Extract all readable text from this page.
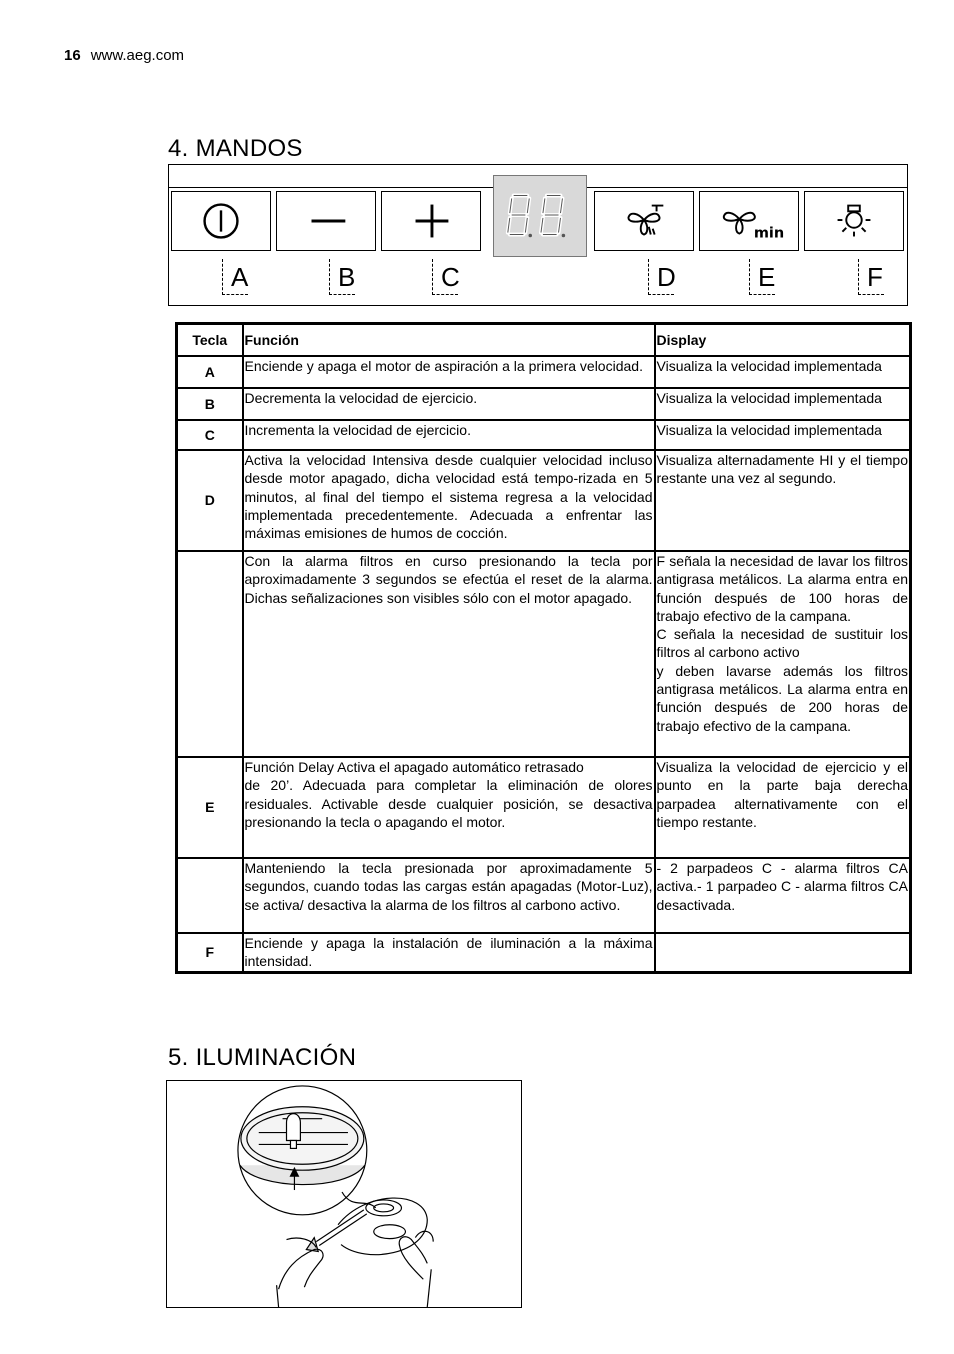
16 www.aeg.com
4. MANDOS
min
A	B	C	D	E	F
Tecla	Función	Display
A	Enciende y apaga el motor de aspiración a la primera velocidad.	Visualiza la velocidad implementada
B	Decrementa la velocidad de ejercicio.	Visualiza la velocidad implementada
C	Incrementa la velocidad de ejercicio.	Visualiza la velocidad implementada
D	Activa la velocidad Intensiva desde cualquier velocidad incluso desde motor apagado, dicha velocidad está tempo-rizada en 5 minutos, al final del tiempo el sistema regresa a la velocidad implementada precedentemente. Adecuada a enfrentar las máximas emisiones de humos de cocción.	Visualiza alternadamente HI y el tiempo restante una vez al segundo.
	Con la alarma filtros en curso presionando la tecla por aproximadamente 3 segundos se efectúa el reset de la alarma. Dichas señalizaciones son visibles sólo con el motor apagado.	F señala la necesidad de lavar los filtros antigrasa metálicos. La alarma entra en función después de 100 horas de trabajo efectivo de la campana.
C señala la necesidad de sustituir los filtros al carbono activo
y deben lavarse además los filtros antigrasa metálicos. La alarma entra en función después de 200 horas de trabajo efectivo de la campana.
E	Función Delay Activa el apagado automático retrasado
de 20’. Adecuada para completar la eliminación de olores residuales. Activable desde cualquier posición, se desactiva presionando la tecla o apagando el motor.	Visualiza la velocidad de ejercicio y el punto en la parte baja derecha parpadea alternativamente con el tiempo restante.
	Manteniendo la tecla presionada por aproximadamente 5 segundos, cuando todas las cargas están apagadas (Motor-Luz), se activa/ desactiva la alarma de los filtros al carbono activo.	- 2 parpadeos C - alarma filtros CA activa.- 1 parpadeo C - alarma filtros CA desactivada.
F	Enciende y apaga la instalación de iluminación a la máxima intensidad.	
5. ILUMINACIÓN
